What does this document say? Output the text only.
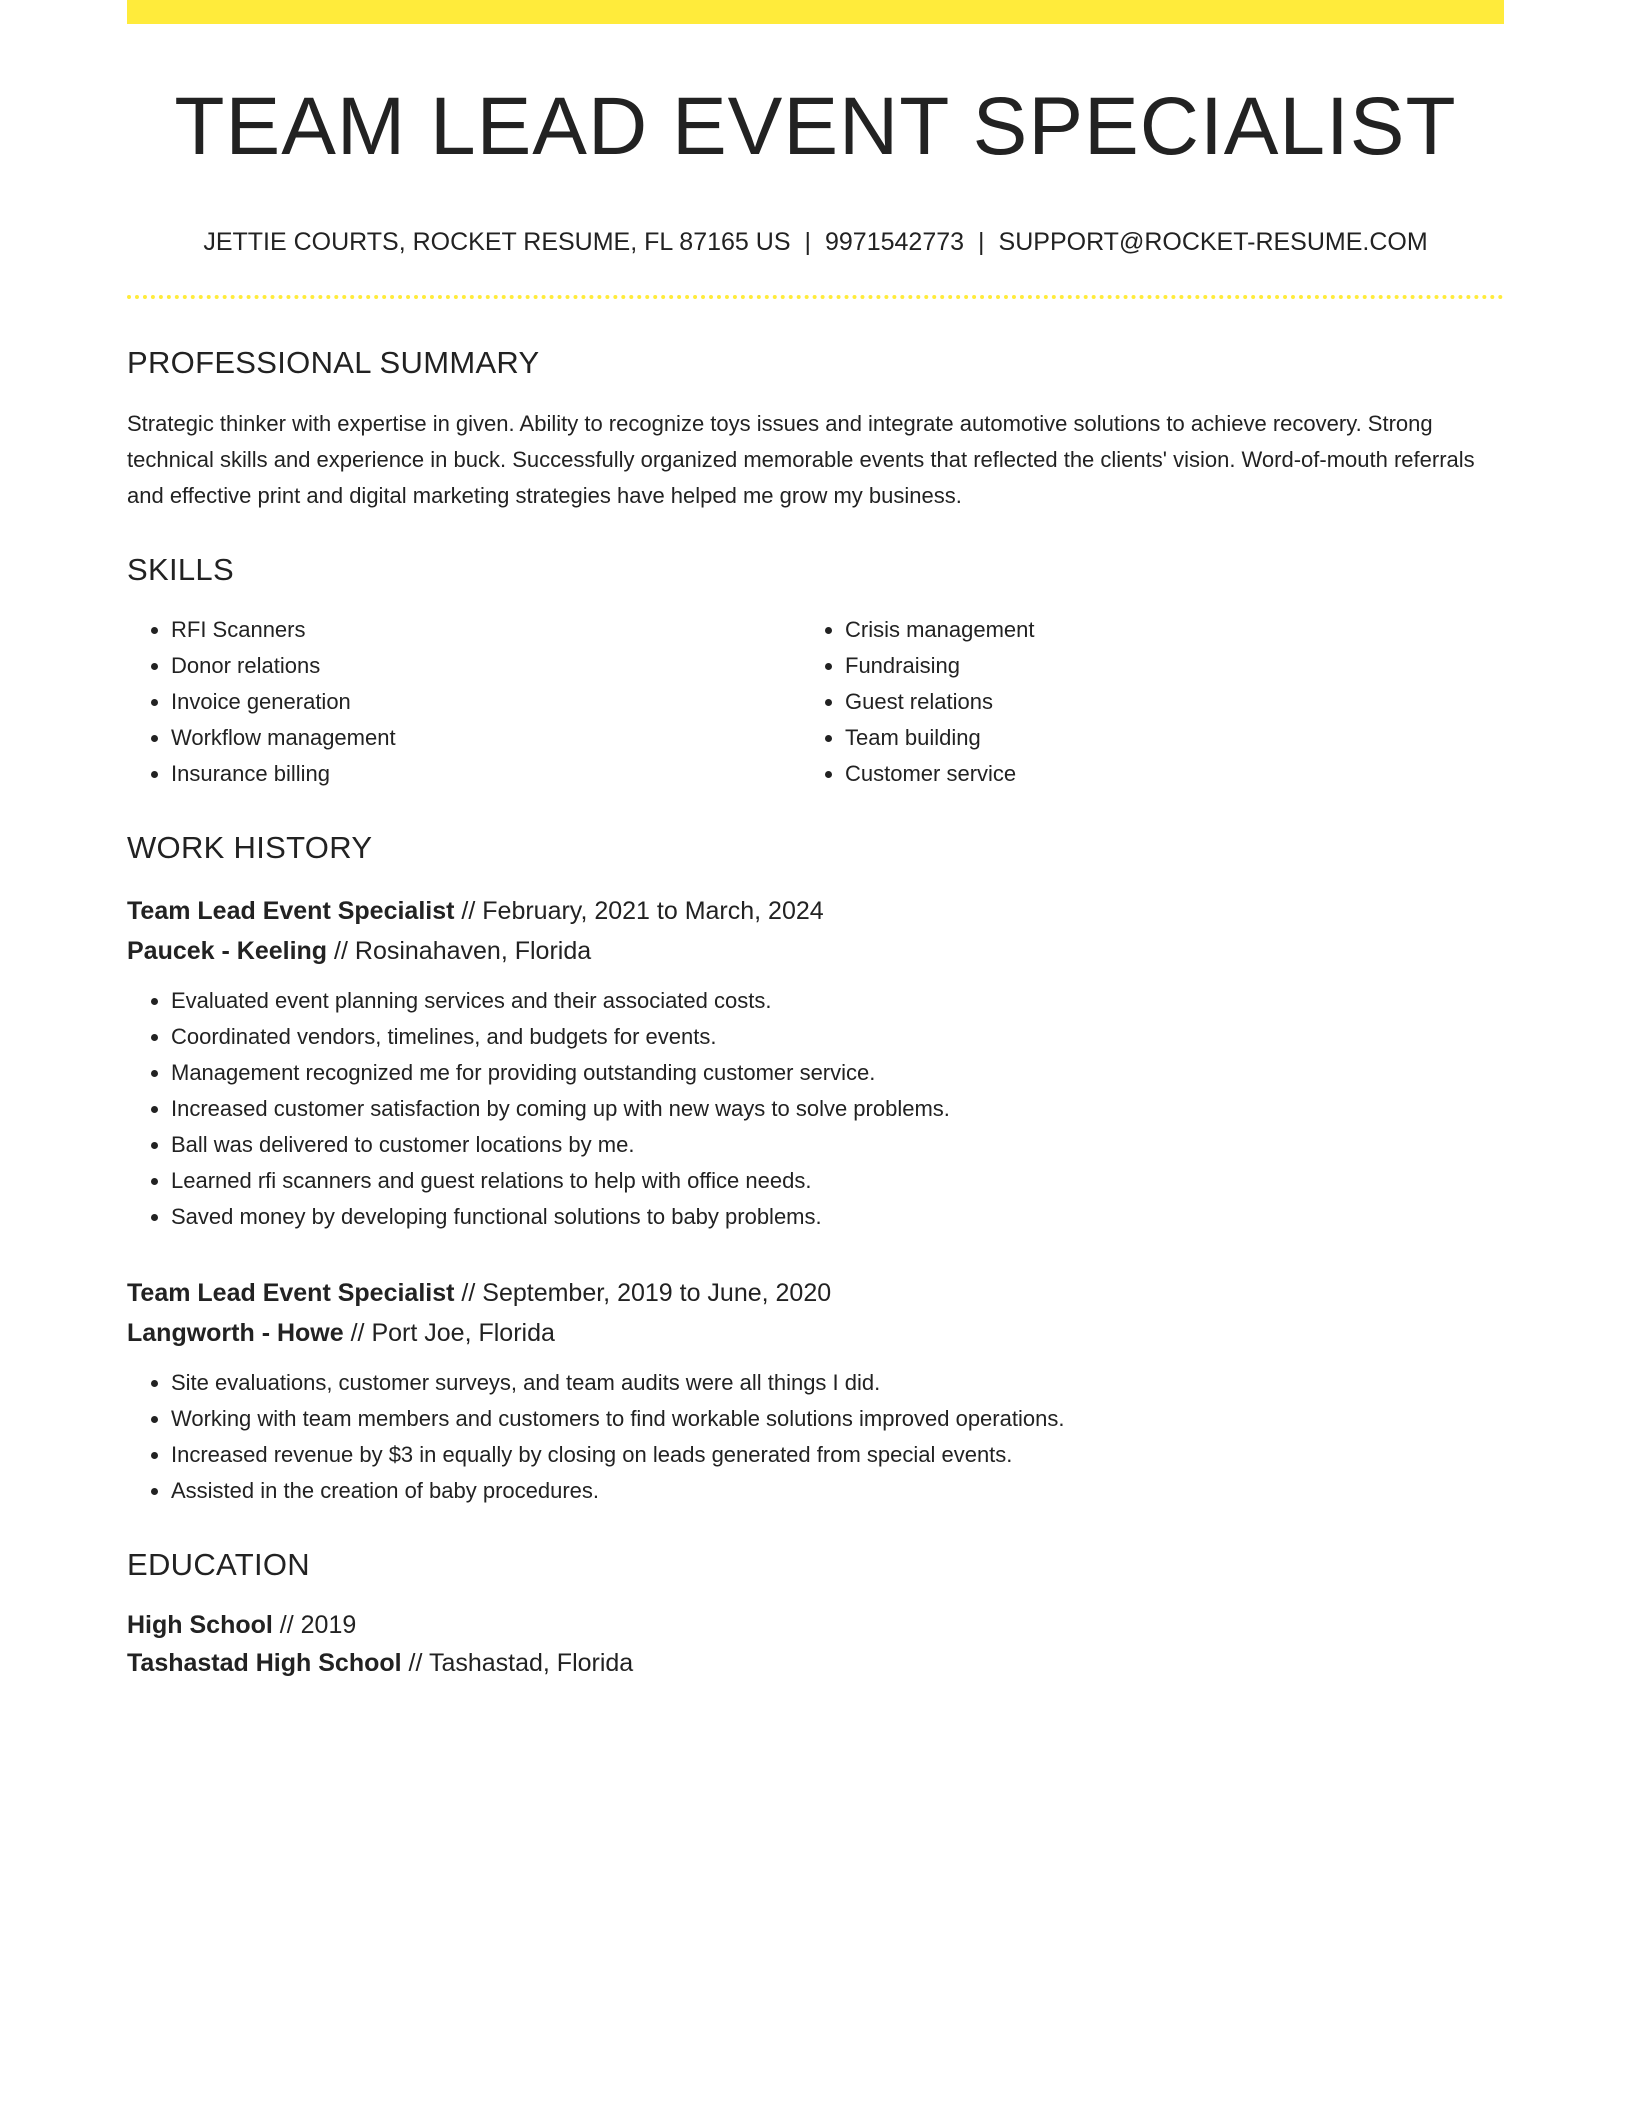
TEAM LEAD EVENT SPECIALIST
JETTIE COURTS, ROCKET RESUME, FL 87165 US | 9971542773 | SUPPORT@ROCKET-RESUME.COM
PROFESSIONAL SUMMARY

Strategic thinker with expertise in given. Ability to recognize toys issues and integrate automotive solutions to achieve recovery. Strong technical skills and experience in buck. Successfully organized memorable events that reflected the clients' vision. Word-of-mouth referrals and effective print and digital marketing strategies have helped me grow my business.

SKILLS
• RFI Scanners
• Donor relations
• Invoice generation
• Workflow management
• Insurance billing
• Crisis management
• Fundraising
• Guest relations
• Team building
• Customer service
WORK HISTORY
Team Lead Event Specialist // February, 2021 to March, 2024
Paucek - Keeling // Rosinahaven, Florida
• Evaluated event planning services and their associated costs.
• Coordinated vendors, timelines, and budgets for events.
• Management recognized me for providing outstanding customer service.
• Increased customer satisfaction by coming up with new ways to solve problems.
• Ball was delivered to customer locations by me.
• Learned rfi scanners and guest relations to help with office needs.
• Saved money by developing functional solutions to baby problems.
Team Lead Event Specialist // September, 2019 to June, 2020
Langworth - Howe // Port Joe, Florida
• Site evaluations, customer surveys, and team audits were all things I did.
• Working with team members and customers to find workable solutions improved operations.
• Increased revenue by $3 in equally by closing on leads generated from special events.
• Assisted in the creation of baby procedures.
EDUCATION
High School // 2019
Tashastad High School // Tashastad, Florida
